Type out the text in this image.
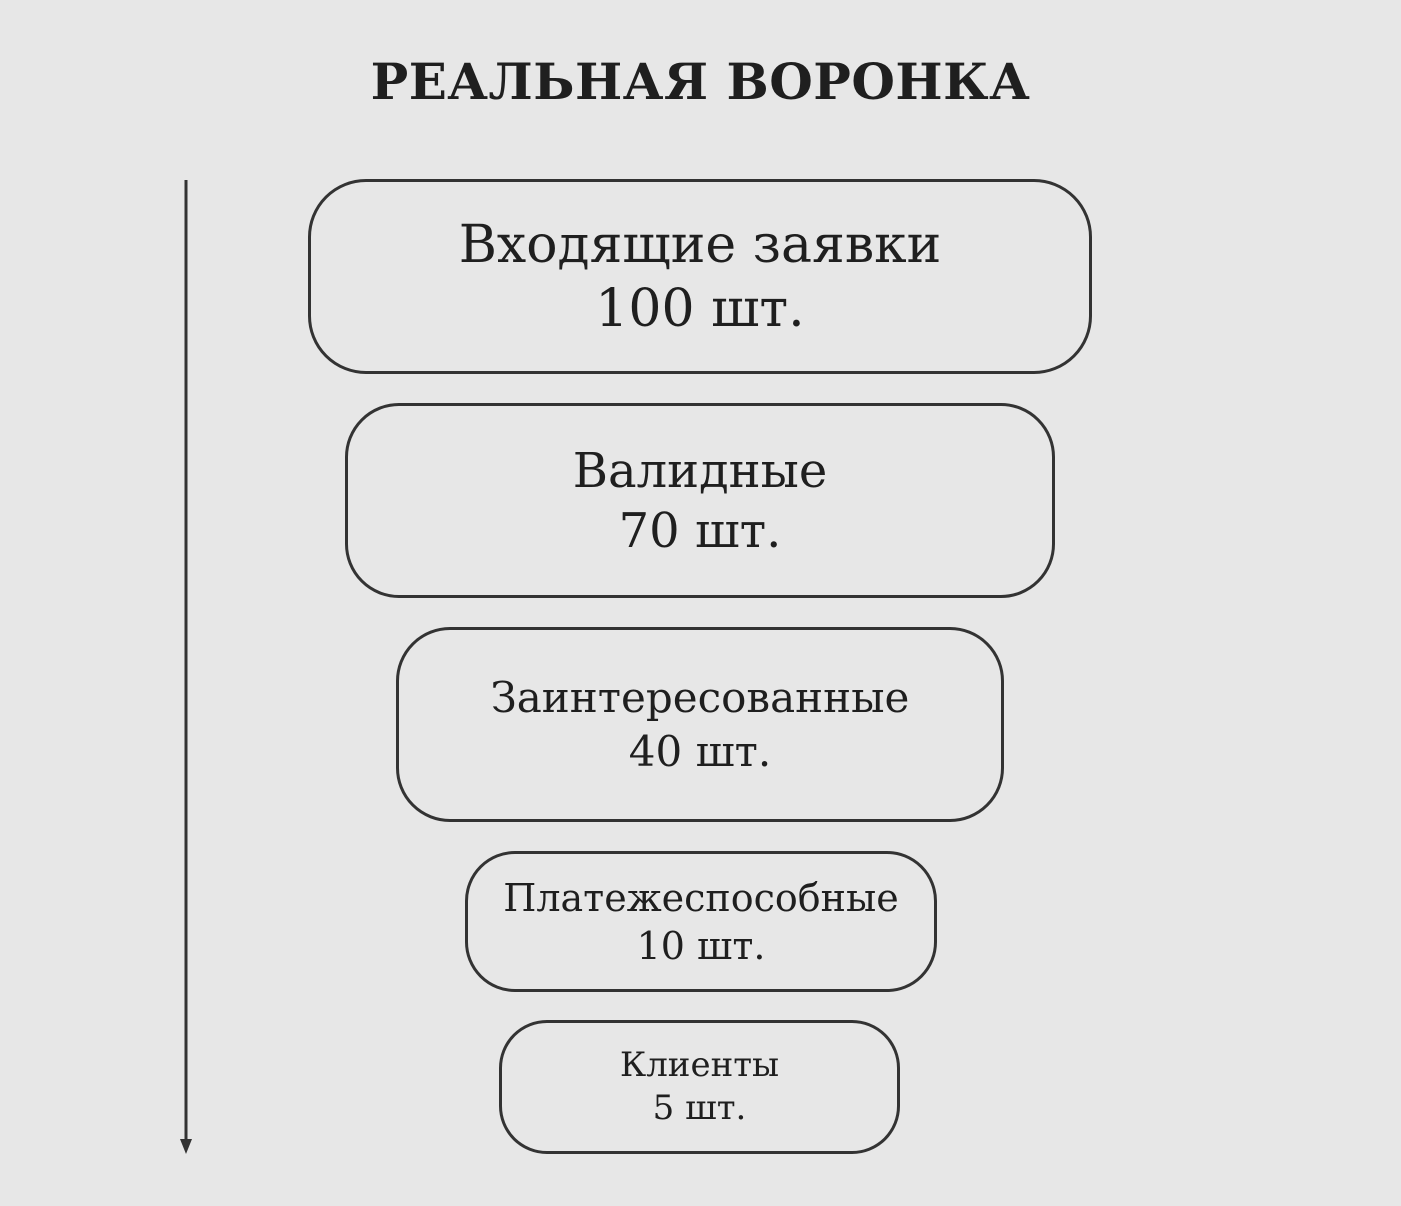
РЕАЛЬНАЯ ВОРОНКА
Входящие заявки
100 шт.
Валидные
70 шт.
Заинтересованные
40 шт.
Платежеспособные
10 шт.
Клиенты
5 шт.
